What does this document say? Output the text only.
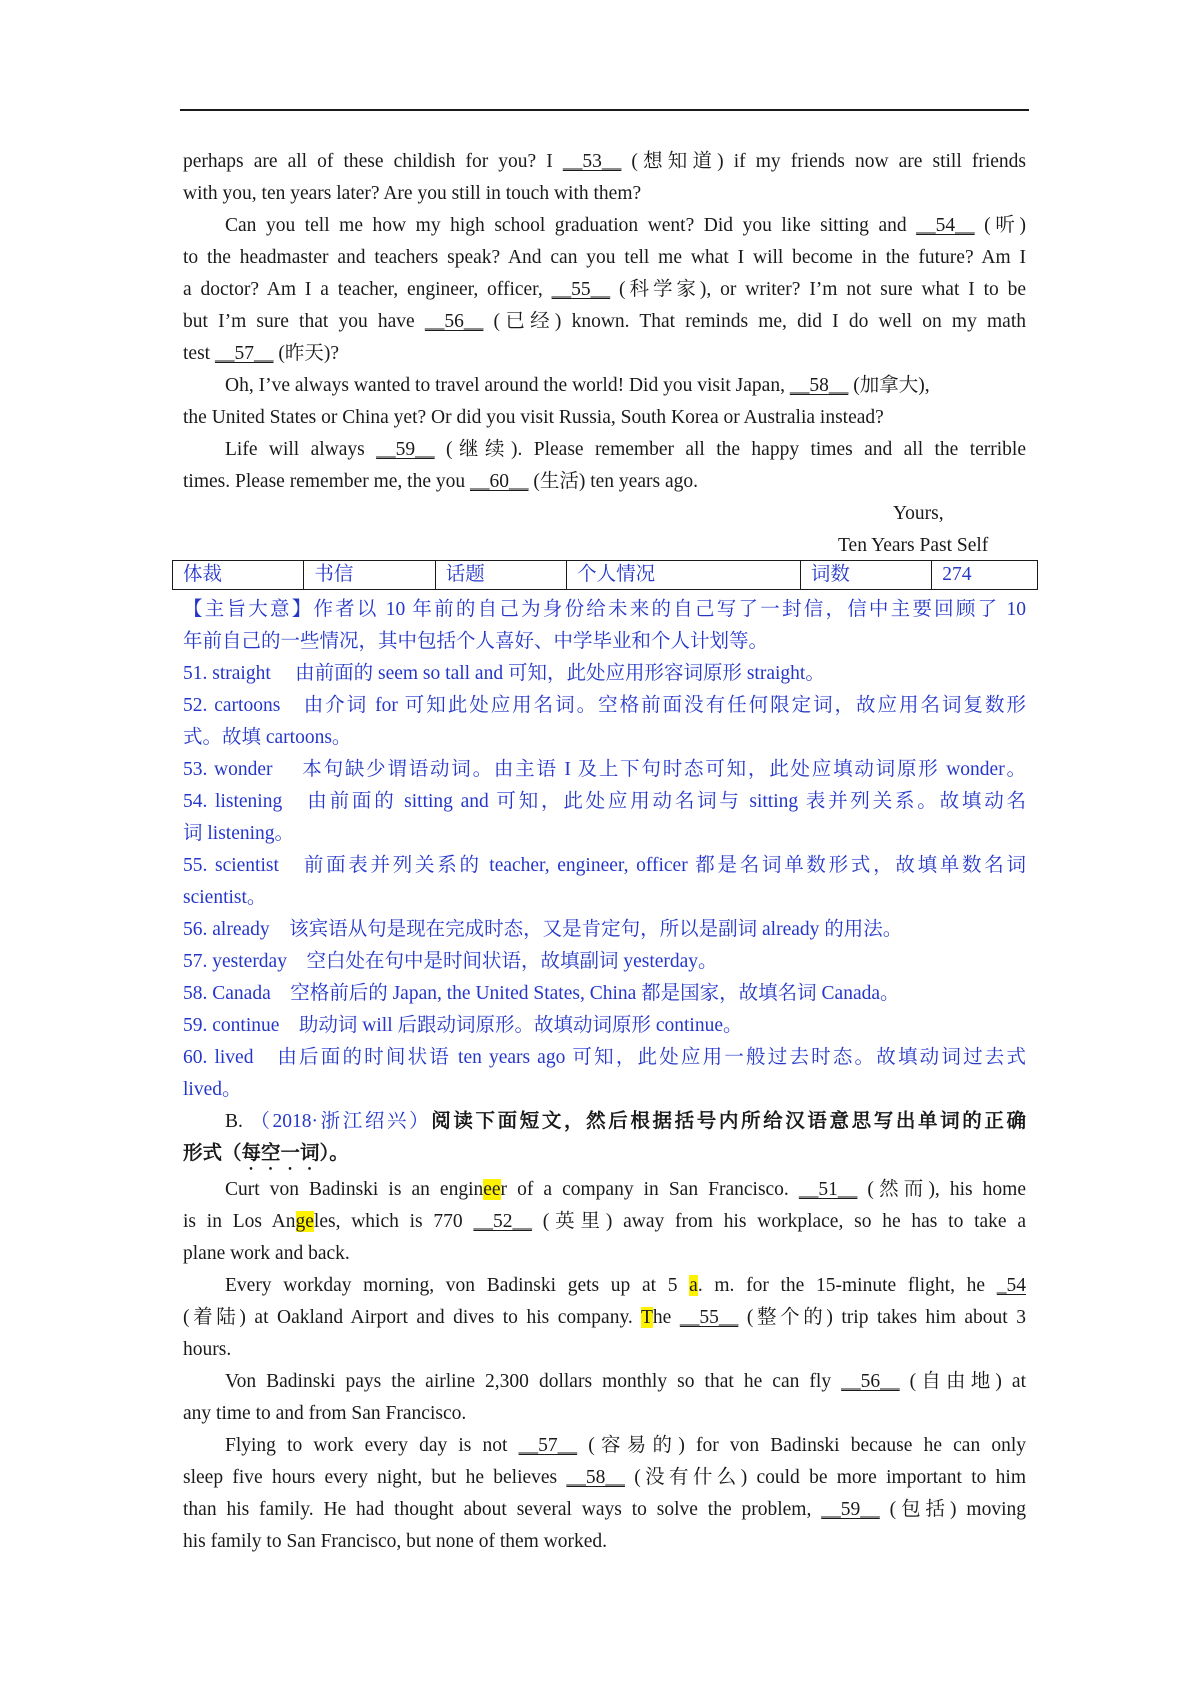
perhaps are all of these childish for you? I __53__ (想知道) if my friends now are still friends
with you, ten years later? Are you still in touch with them?
Can you tell me how my high school graduation went? Did you like sitting and __54__ (听)
to the headmaster and teachers speak? And can you tell me what I will become in the future? Am I
a doctor? Am I a teacher, engineer, officer, __55__ (科学家), or writer? I’m not sure what I to be
but I’m sure that you have __56__ (已经) known. That reminds me, did I do well on my math
test __57__ (昨天)?
Oh, I’ve always wanted to travel around the world! Did you visit Japan, __58__ (加拿大),
the United States or China yet? Or did you visit Russia, South Korea or Australia instead?
Life will always __59__ (继续). Please remember all the happy times and all the terrible
times. Please remember me, the you __60__ (生活) ten years ago.
Yours,
Ten Years Past Self
体裁	书信	话题	个人情况	词数	274
【主旨大意】作者以 10 年前的自己为身份给未来的自己写了一封信，信中主要回顾了 10
年前自己的一些情况，其中包括个人喜好、中学毕业和个人计划等。
51. straight　 由前面的 seem so tall and 可知，此处应用形容词原形 straight。
52. cartoons　由介词 for 可知此处应用名词。空格前面没有任何限定词，故应用名词复数形
式。故填 cartoons。
53. wonder　 本句缺少谓语动词。由主语 I 及上下句时态可知，此处应填动词原形 wonder。
54. listening　由前面的 sitting and 可知，此处应用动名词与 sitting 表并列关系。故填动名
词 listening。
55. scientist　前面表并列关系的 teacher, engineer, officer 都是名词单数形式，故填单数名词
scientist。
56. already　该宾语从句是现在完成时态，又是肯定句，所以是副词 already 的用法。
57. yesterday　空白处在句中是时间状语，故填副词 yesterday。
58. Canada　空格前后的 Japan, the United States, China 都是国家，故填名词 Canada。
59. continue　助动词 will 后跟动词原形。故填动词原形 continue。
60. lived　由后面的时间状语 ten years ago 可知，此处应用一般过去时态。故填动词过去式
lived。
B. （2018·浙江绍兴）阅读下面短文，然后根据括号内所给汉语意思写出单词的正确
形式（每空一词）。
Curt von Badinski is an engineer of a company in San Francisco. __51__ (然而), his home
is in Los Angeles, which is 770 __52__ (英里) away from his workplace, so he has to take a
plane work and back.
Every workday morning, von Badinski gets up at 5 a. m. for the 15-minute flight, he _54
(着陆) at Oakland Airport and dives to his company. The __55__ (整个的) trip takes him about 3
hours.
Von Badinski pays the airline 2,300 dollars monthly so that he can fly __56__ (自由地) at
any time to and from San Francisco.
Flying to work every day is not __57__ (容易的) for von Badinski because he can only
sleep five hours every night, but he believes __58__ (没有什么) could be more important to him
than his family. He had thought about several ways to solve the problem, __59__ (包括) moving
his family to San Francisco, but none of them worked.
